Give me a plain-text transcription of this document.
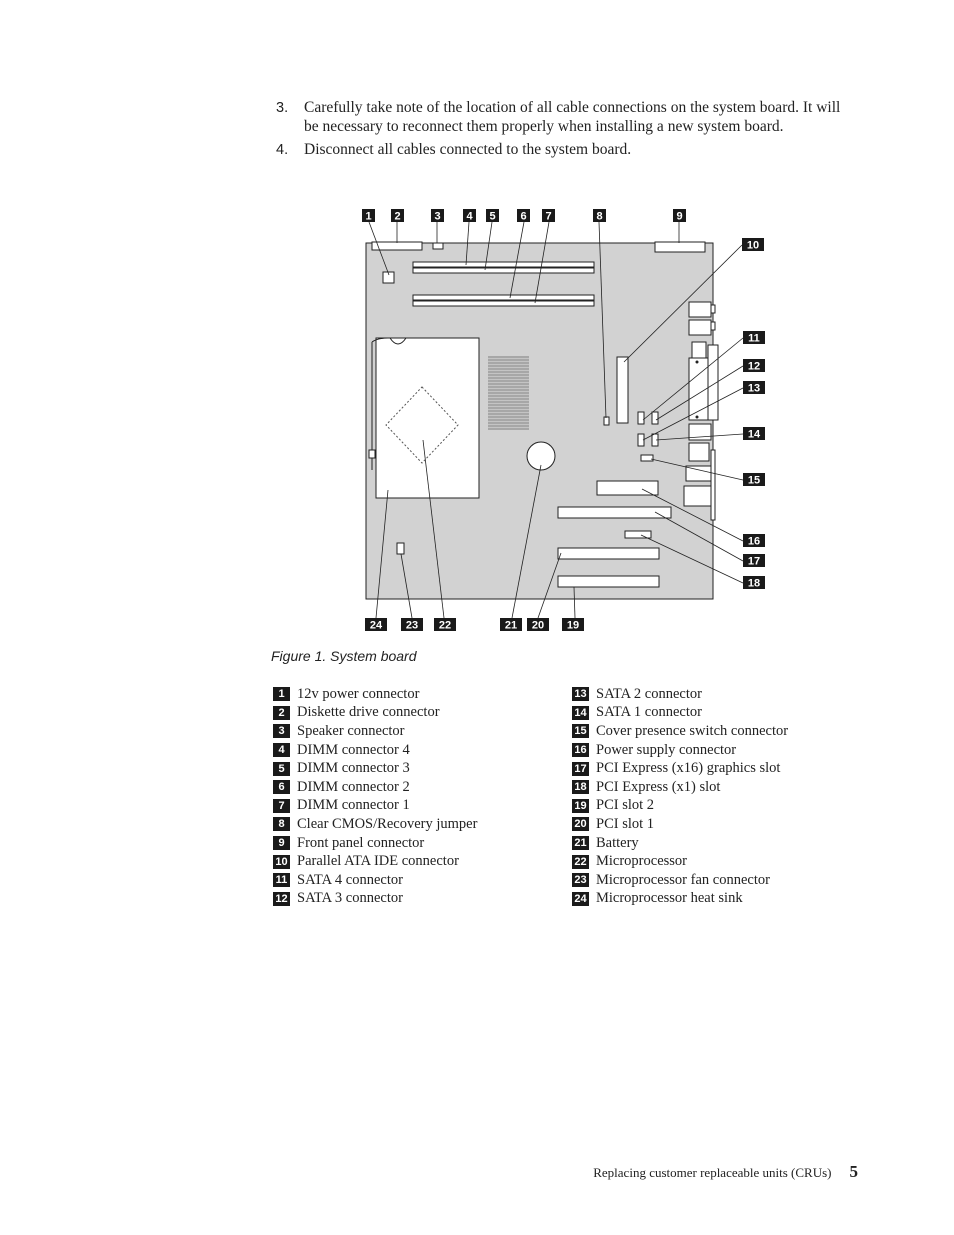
3. Carefully take note of the location of all cable connections on the system board. It will be necessary to reconnect them properly when installing a new system board.
4. Disconnect all cables connected to the system board.
1 2	3 4 5 6 7	8	9
10
11
12
13
14
15
16
17
18
19
20
21
22
23
24
Figure 1. System board
1 12v power connector
2 Diskette drive connector
3 Speaker connector
4 DIMM connector 4
5 DIMM connector 3
6 DIMM connector 2
7 DIMM connector 1
8 Clear CMOS/Recovery jumper
9 Front panel connector
10 Parallel ATA IDE connector
11 SATA 4 connector
12 SATA 3 connector
13 SATA 2 connector
14 SATA 1 connector
15 Cover presence switch connector
16 Power supply connector
17 PCI Express (x16) graphics slot
18 PCI Express (x1) slot
19 PCI slot 2
20 PCI slot 1
21 Battery
22 Microprocessor
23 Microprocessor fan connector
24 Microprocessor heat sink
Replacing customer replaceable units (CRUs) 5
